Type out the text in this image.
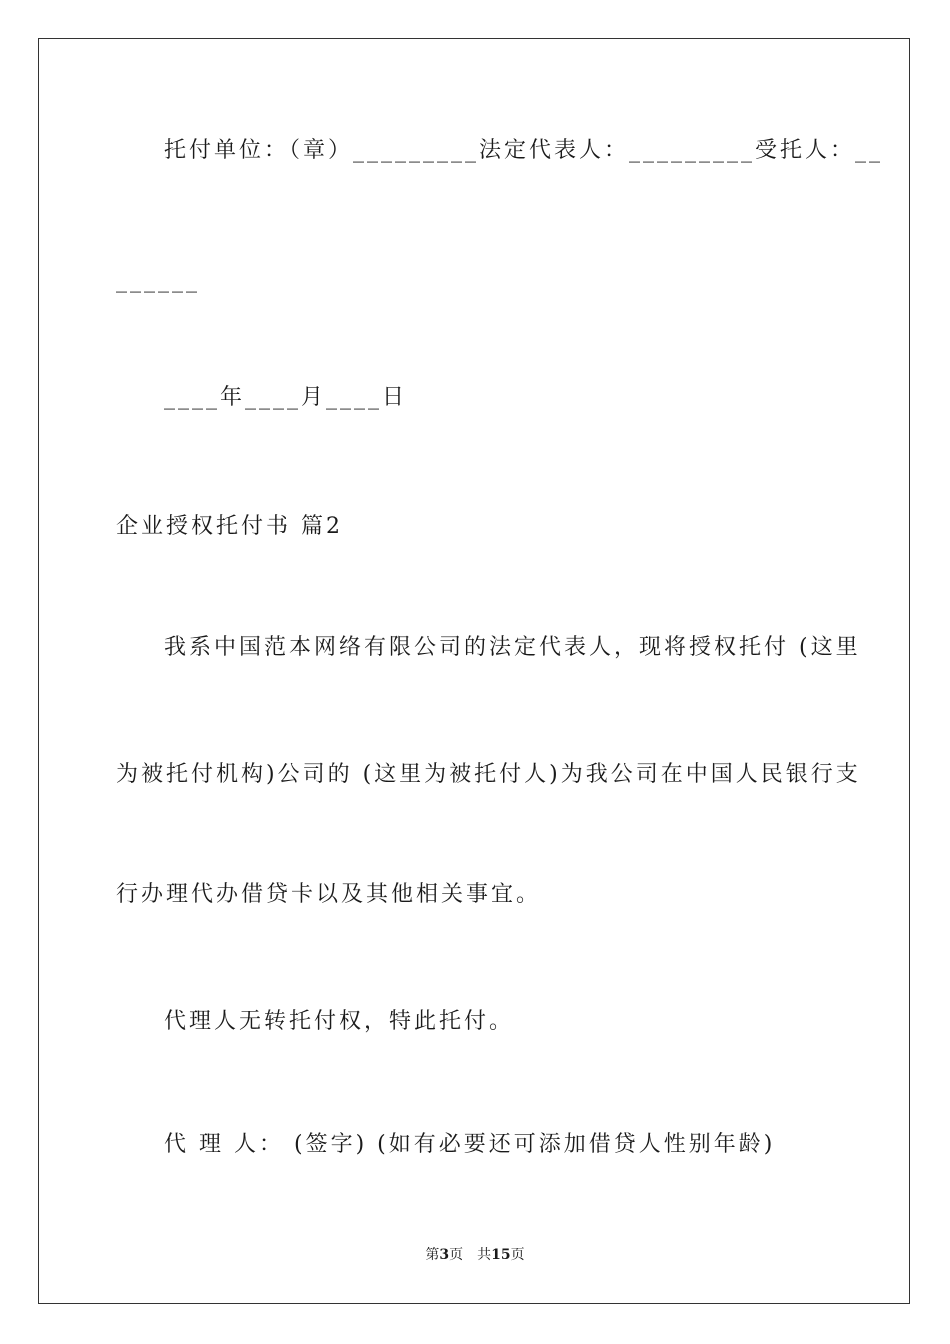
托付单位：（章）_________法定代表人：_________受托人：__
______
____年____月____日
企业授权托付书 篇2
我系中国范本网络有限公司的法定代表人，现将授权托付 (这里
为被托付机构)公司的 (这里为被托付人)为我公司在中国人民银行支
行办理代办借贷卡以及其他相关事宜。
代理人无转托付权，特此托付。
代 理 人： (签字) (如有必要还可添加借贷人性别年龄)
第3页 共15页
